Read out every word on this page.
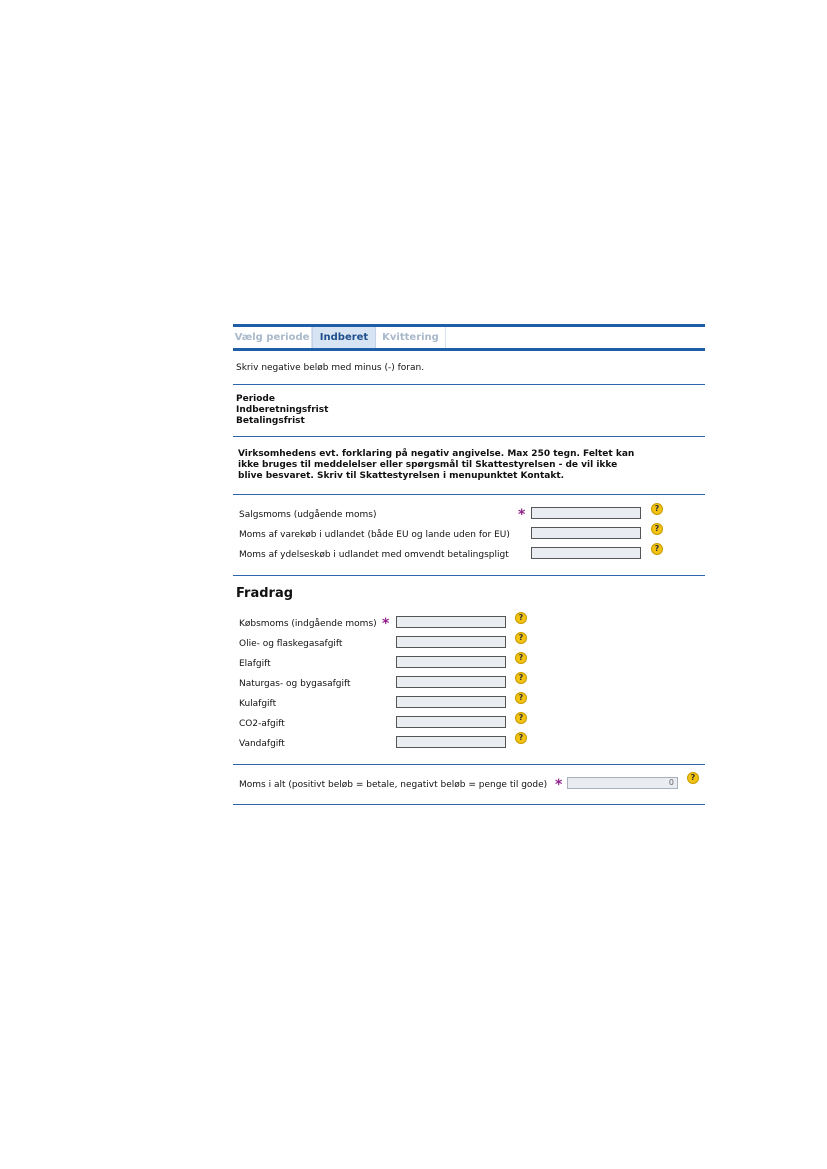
Vælg periode	Indberet	Kvittering
Skriv negative beløb med minus (-) foran.
Periode
Indberetningsfrist
Betalingsfrist
Virksomhedens evt. forklaring på negativ angivelse. Max 250 tegn. Feltet kan
ikke bruges til meddelelser eller spørgsmål til Skattestyrelsen - de vil ikke
blive besvaret. Skriv til Skattestyrelsen i menupunktet Kontakt.
Salgsmoms (udgående moms)	*	?
Moms af varekøb i udlandet (både EU og lande uden for EU)
?
Moms af ydelseskøb i udlandet med omvendt betalingspligt
?
Fradrag
Købsmoms (indgående moms) *	?
Olie- og flaskegasafgift
?
Elafgift
?
Naturgas- og bygasafgift
?
Kulafgift
?
CO2-afgift
?
Vandafgift
?
Moms i alt (positivt beløb = betale, negativt beløb = penge til gode) *	0
?
